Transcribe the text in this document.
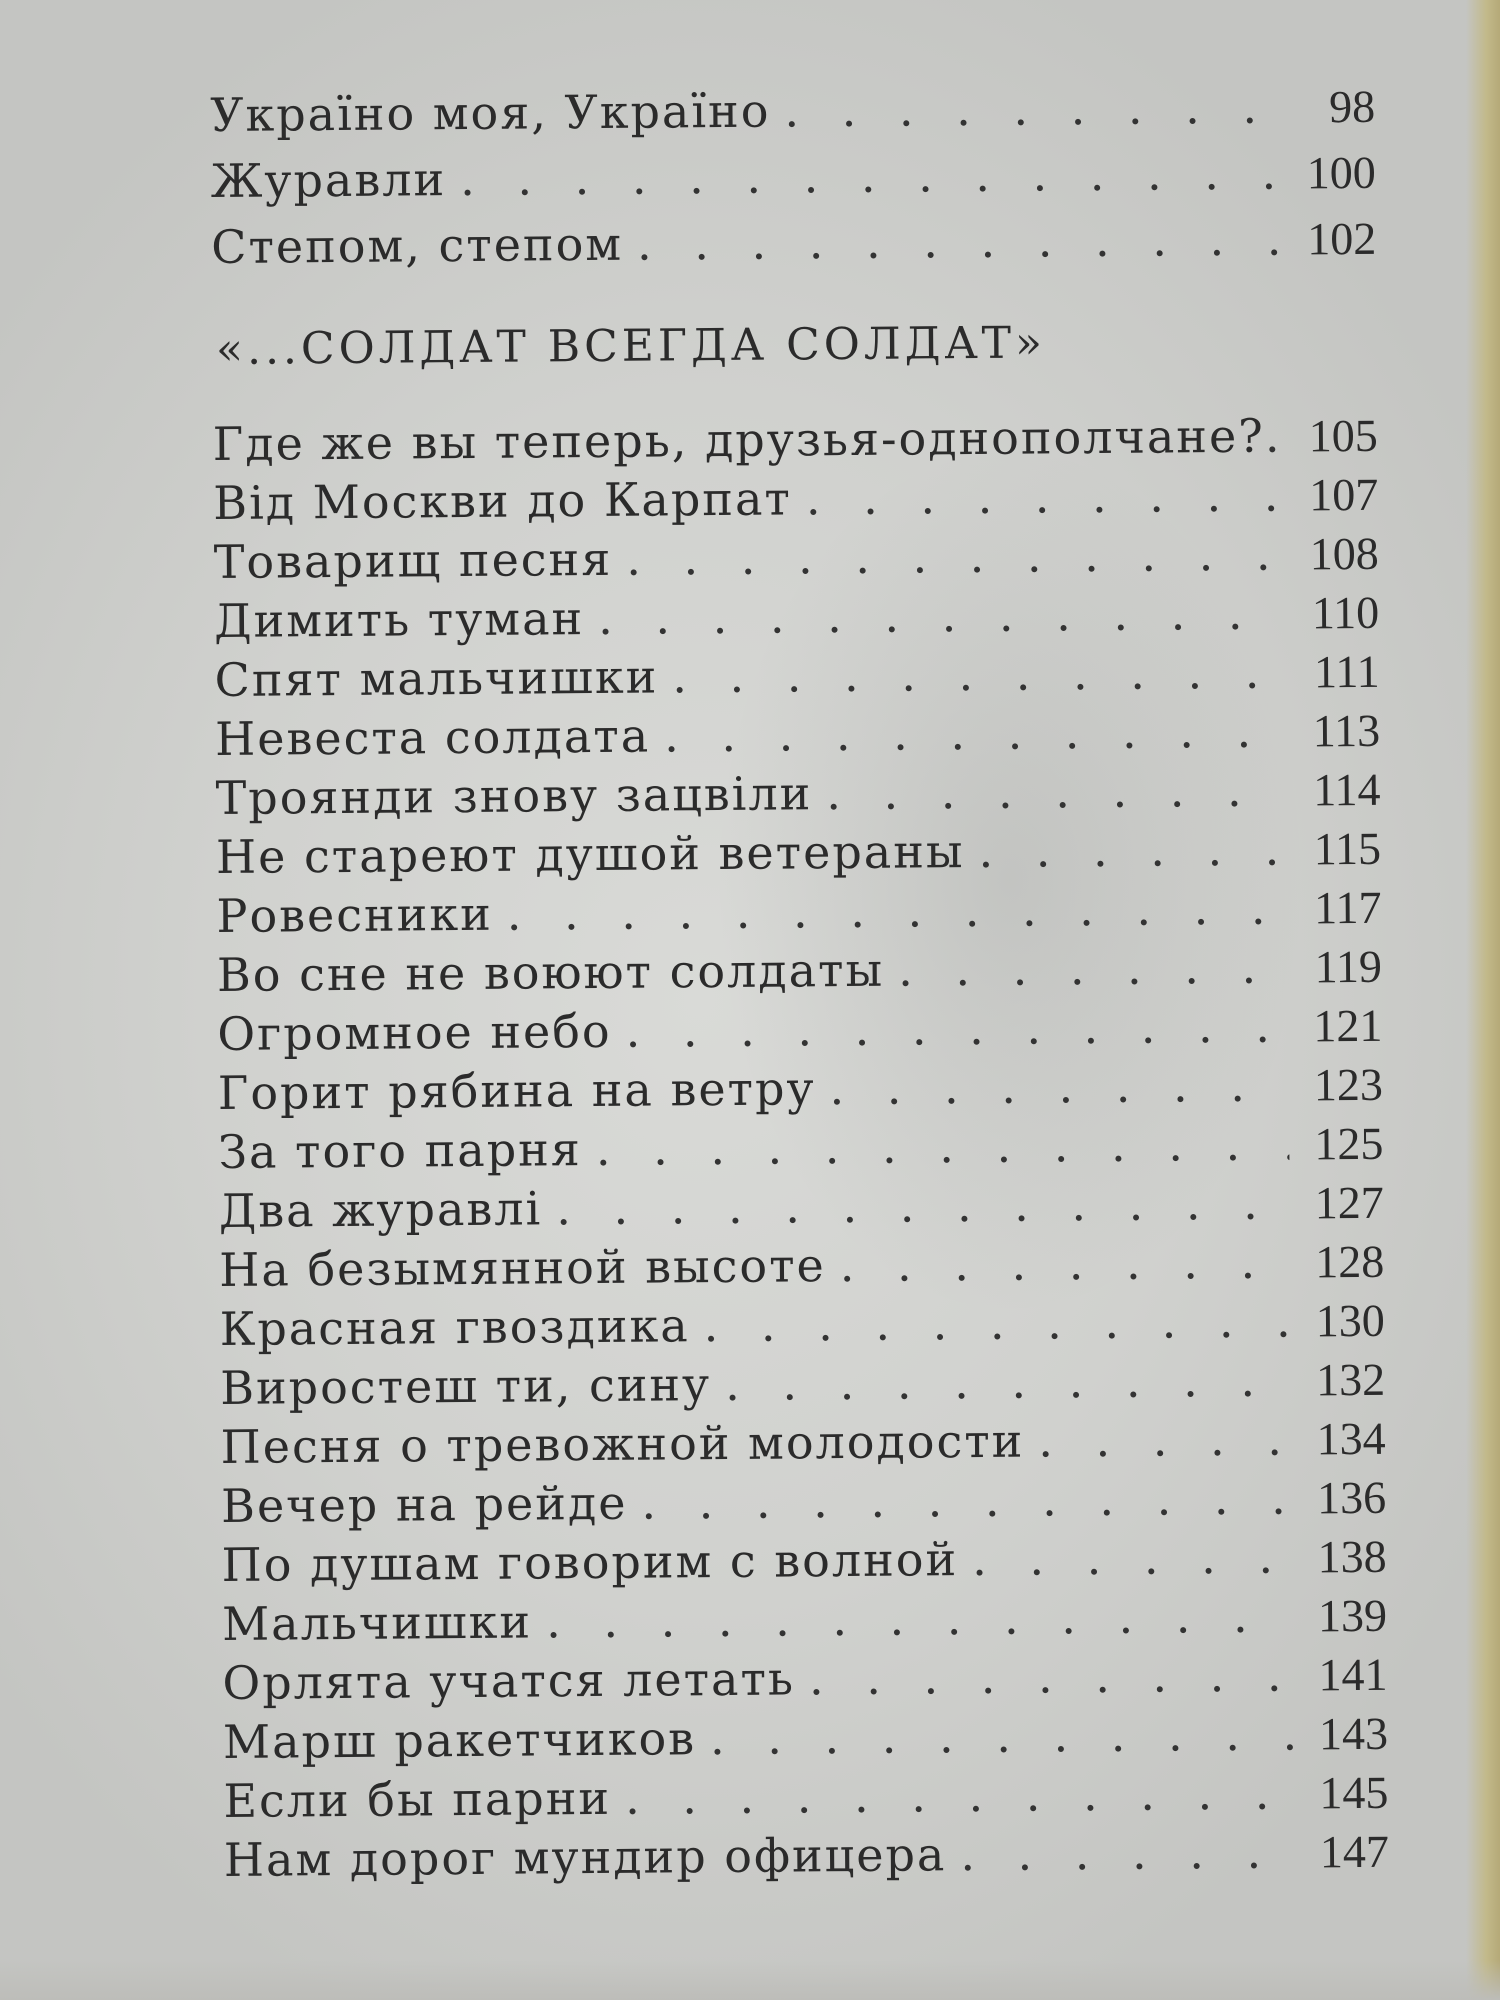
Україно моя, Україно . . .	98
Журавли . . .	100
Степом, степом . . .	102
«...СОЛДАТ ВСЕГДА СОЛДАТ»
Где же вы теперь, друзья-однополчане? . . . 105
Від Москви до Карпат . . .	107
Товарищ песня . . .	108
Димить туман . . .	110
Спят мальчишки . . .	111
Невеста солдата . . .	113
Троянди знову зацвіли . . .	114
Не стареют душой ветераны . . .	115
Ровесники . . .	117
Во сне не воюют солдаты . . .	119
Огромное небо . . .	121
Горит рябина на ветру . . .	123
За того парня . . .	125
Два журавлі . . .	127
На безымянной высоте . . .	128
Красная гвоздика . . .	130
Виростеш ти, сину . . .	132
Песня о тревожной молодости . . .	134
Вечер на рейде . . .	136
По душам говорим с волной . . .	138
Мальчишки . . .	139
Орлята учатся летать . . .	141
Марш ракетчиков . . .	143
Если бы парни . . .	145
Нам дорог мундир офицера . . .	147
